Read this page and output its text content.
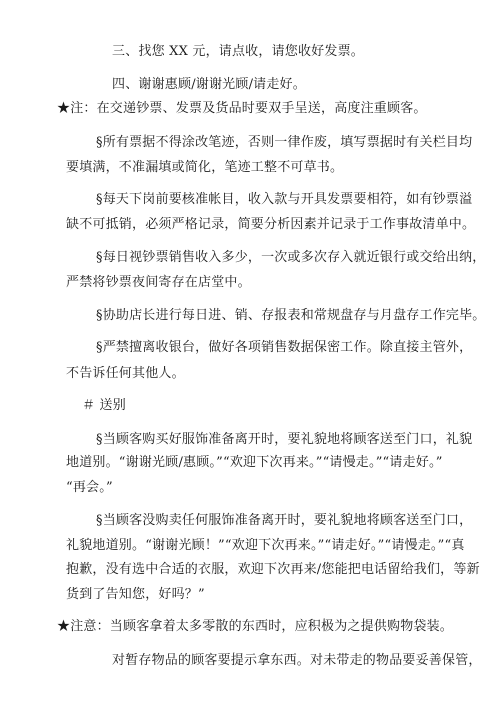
三、找您 XX 元，请点收，请您收好发票。
四、谢谢惠顾/谢谢光顾/请走好。
★注：在交递钞票、发票及货品时要双手呈送，高度注重顾客。
§所有票据不得涂改笔迹，否则一律作废，填写票据时有关栏目均
要填满，不准漏填或简化，笔迹工整不可草书。
§每天下岗前要核准帐目，收入款与开具发票要相符，如有钞票溢
缺不可抵销，必须严格记录，简要分析因素并记录于工作事故清单中。
§每日视钞票销售收入多少，一次或多次存入就近银行或交给出纳，
严禁将钞票夜间寄存在店堂中。
§协助店长进行每日进、销、存报表和常规盘存与月盘存工作完毕。
§严禁擅离收银台，做好各项销售数据保密工作。除直接主管外，
不告诉任何其他人。
＃ 送别
§当顾客购买好服饰准备离开时，要礼貌地将顾客送至门口，礼貌
地道别。“谢谢光顾/惠顾。”“欢迎下次再来。”“请慢走。”“请走好。”
“再会。”
§当顾客没购卖任何服饰准备离开时，要礼貌地将顾客送至门口，
礼貌地道别。“谢谢光顾！”“欢迎下次再来。”“请走好。”“请慢走。”“真
抱歉，没有选中合适的衣服，欢迎下次再来/您能把电话留给我们，等新
货到了告知您，好吗？”
★注意：当顾客拿着太多零散的东西时，应积极为之提供购物袋装。
对暂存物品的顾客要提示拿东西。对未带走的物品要妥善保管，
